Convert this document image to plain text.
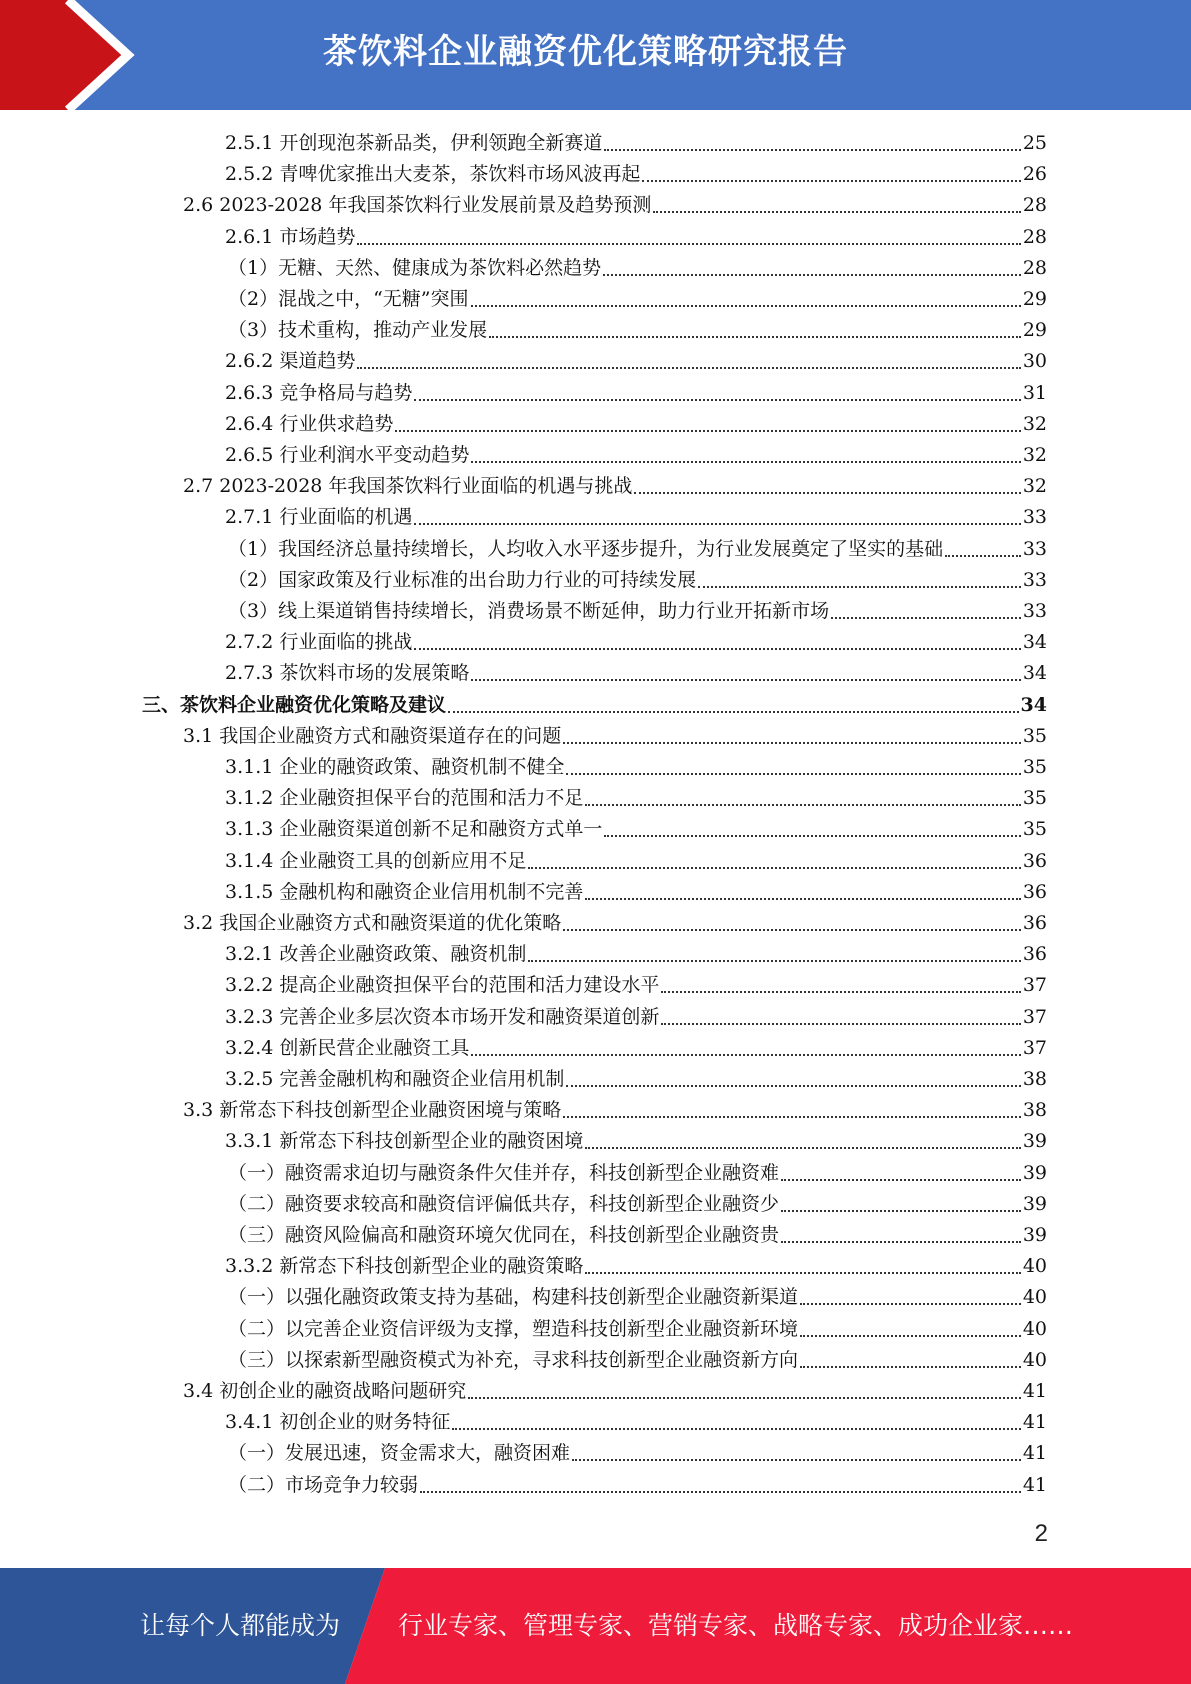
茶饮料企业融资优化策略研究报告
2.5.1 开创现泡茶新品类，伊利领跑全新赛道	25
2.5.2 青啤优家推出大麦茶，茶饮料市场风波再起	26
2.6 2023-2028 年我国茶饮料行业发展前景及趋势预测	28
2.6.1 市场趋势	28
（1）无糖、天然、健康成为茶饮料必然趋势	28
（2）混战之中，“无糖”突围	29
（3）技术重构，推动产业发展	29
2.6.2 渠道趋势	30
2.6.3 竞争格局与趋势	31
2.6.4 行业供求趋势	32
2.6.5 行业利润水平变动趋势	32
2.7 2023-2028 年我国茶饮料行业面临的机遇与挑战	32
2.7.1 行业面临的机遇	33
（1）我国经济总量持续增长，人均收入水平逐步提升，为行业发展奠定了坚实的基础	33
（2）国家政策及行业标准的出台助力行业的可持续发展	33
（3）线上渠道销售持续增长，消费场景不断延伸，助力行业开拓新市场	33
2.7.2 行业面临的挑战	34
2.7.3 茶饮料市场的发展策略	34
三、茶饮料企业融资优化策略及建议	34
3.1 我国企业融资方式和融资渠道存在的问题	35
3.1.1 企业的融资政策、融资机制不健全	35
3.1.2 企业融资担保平台的范围和活力不足	35
3.1.3 企业融资渠道创新不足和融资方式单一	35
3.1.4 企业融资工具的创新应用不足	36
3.1.5 金融机构和融资企业信用机制不完善	36
3.2 我国企业融资方式和融资渠道的优化策略	36
3.2.1 改善企业融资政策、融资机制	36
3.2.2 提高企业融资担保平台的范围和活力建设水平	37
3.2.3 完善企业多层次资本市场开发和融资渠道创新	37
3.2.4 创新民营企业融资工具	37
3.2.5 完善金融机构和融资企业信用机制	38
3.3 新常态下科技创新型企业融资困境与策略	38
3.3.1 新常态下科技创新型企业的融资困境	39
（一）融资需求迫切与融资条件欠佳并存，科技创新型企业融资难	39
（二）融资要求较高和融资信评偏低共存，科技创新型企业融资少	39
（三）融资风险偏高和融资环境欠优同在，科技创新型企业融资贵	39
3.3.2 新常态下科技创新型企业的融资策略	40
（一）以强化融资政策支持为基础，构建科技创新型企业融资新渠道	40
（二）以完善企业资信评级为支撑，塑造科技创新型企业融资新环境	40
（三）以探索新型融资模式为补充，寻求科技创新型企业融资新方向	40
3.4 初创企业的融资战略问题研究	41
3.4.1 初创企业的财务特征	41
（一）发展迅速，资金需求大，融资困难	41
（二）市场竞争力较弱	41
2
让每个人都能成为 行业专家、管理专家、营销专家、战略专家、成功企业家……
